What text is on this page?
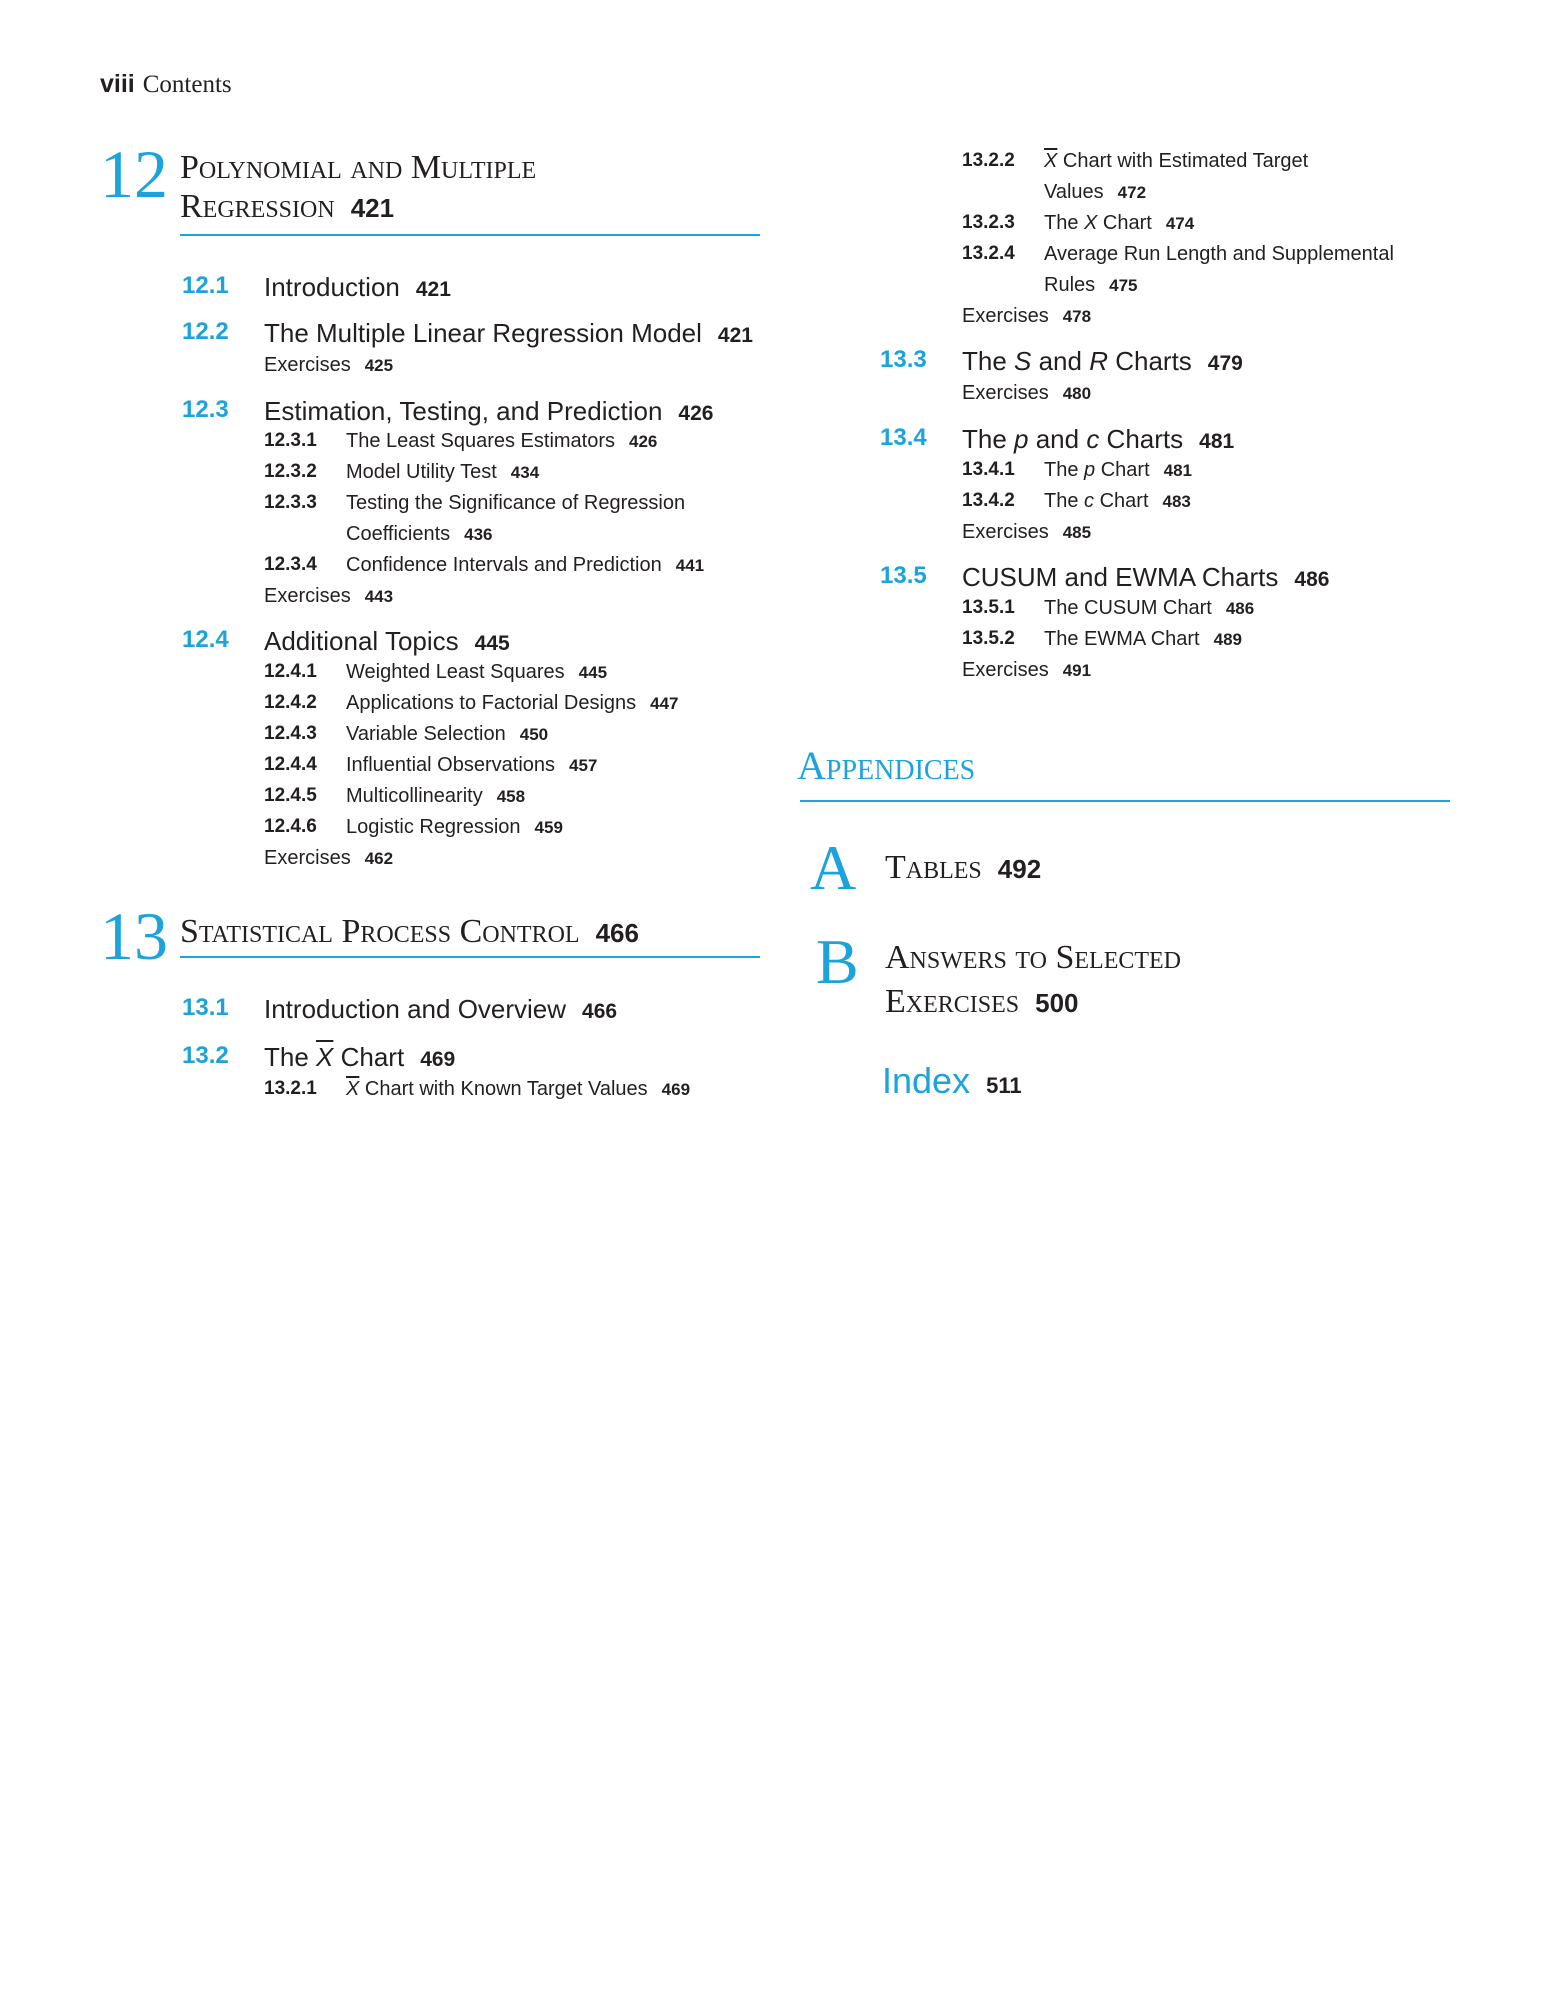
viii Contents
12 Polynomial and Multiple
Regression 421
12.1 Introduction 421
12.2 The Multiple Linear Regression Model 421
Exercises 425
12.3 Estimation, Testing, and Prediction 426
12.3.1 The Least Squares Estimators 426
12.3.2 Model Utility Test 434
12.3.3 Testing the Significance of Regression
Coefficients 436
12.3.4 Confidence Intervals and Prediction 441
Exercises 443
12.4 Additional Topics 445
12.4.1 Weighted Least Squares 445
12.4.2 Applications to Factorial Designs 447
12.4.3 Variable Selection 450
12.4.4 Influential Observations 457
12.4.5 Multicollinearity 458
12.4.6 Logistic Regression 459
Exercises 462
13 Statistical Process Control 466
13.1 Introduction and Overview 466
13.2 The $\overline{X}$ Chart 469
13.2.1 $\overline{X}$ Chart with Known Target Values 469
13.2.2 $\overline{X}$ Chart with Estimated Target
Values 472
13.2.3 The X Chart 474
13.2.4 Average Run Length and Supplemental
Rules 475
Exercises 478
13.3 The S and R Charts 479
Exercises 480
13.4 The p and c Charts 481
13.4.1 The p Chart 481
13.4.2 The c Chart 483
Exercises 485
13.5 CUSUM and EWMA Charts 486
13.5.1 The CUSUM Chart 486
13.5.2 The EWMA Chart 489
Exercises 491
Appendices
A Tables 492
B Answers to Selected
Exercises 500
Index 511
